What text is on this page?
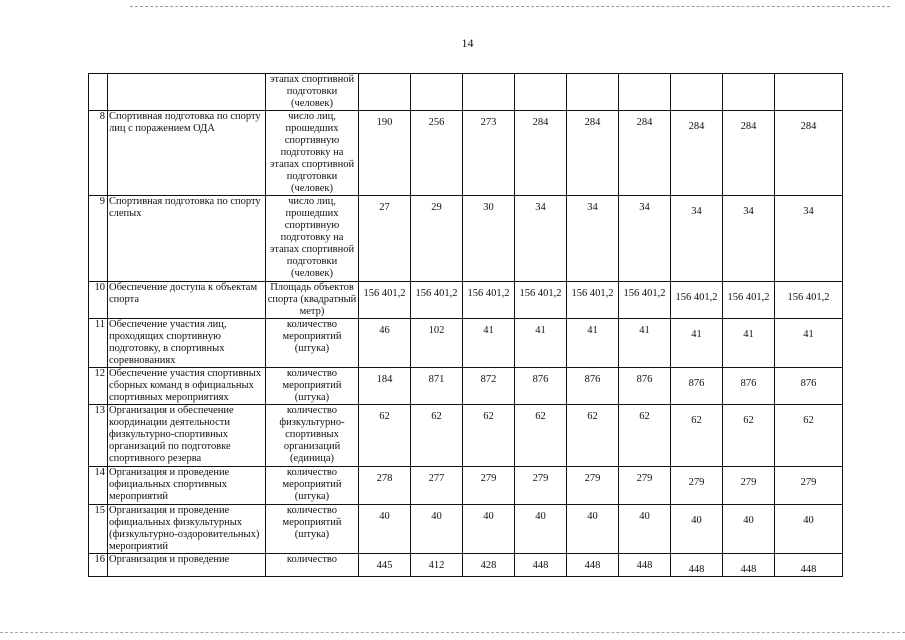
14
		этапах спортивной подготовки (человек)									
8	Спортивная подготовка по спорту лиц с поражением ОДА	число лиц, прошедших спортивную подготовку на этапах спортивной подготовки (человек)	190	256	273	284	284	284	284	284	284
9	Спортивная подготовка по спорту слепых	число лиц, прошедших спортивную подготовку на этапах спортивной подготовки (человек)	27	29	30	34	34	34	34	34	34
10	Обеспечение доступа к объектам спорта	Площадь объектов спорта (квадратный метр)	156 401,2	156 401,2	156 401,2	156 401,2	156 401,2	156 401,2	156 401,2	156 401,2	156 401,2
11	Обеспечение участия лиц, проходящих спортивную подготовку, в спортивных соревнованиях	количество мероприятий (штука)	46	102	41	41	41	41	41	41	41
12	Обеспечение участия спортивных сборных команд в официальных спортивных мероприятиях	количество мероприятий (штука)	184	871	872	876	876	876	876	876	876
13	Организация и обеспечение координации деятельности физкультурно-спортивных организаций по подготовке спортивного резерва	количество физкультурно-спортивных организаций (единица)	62	62	62	62	62	62	62	62	62
14	Организация и проведение официальных спортивных мероприятий	количество мероприятий (штука)	278	277	279	279	279	279	279	279	279
15	Организация и проведение официальных физкультурных (физкультурно-оздоровительных) мероприятий	количество мероприятий (штука)	40	40	40	40	40	40	40	40	40
16	Организация и проведение	количество	445	412	428	448	448	448	448	448	448
